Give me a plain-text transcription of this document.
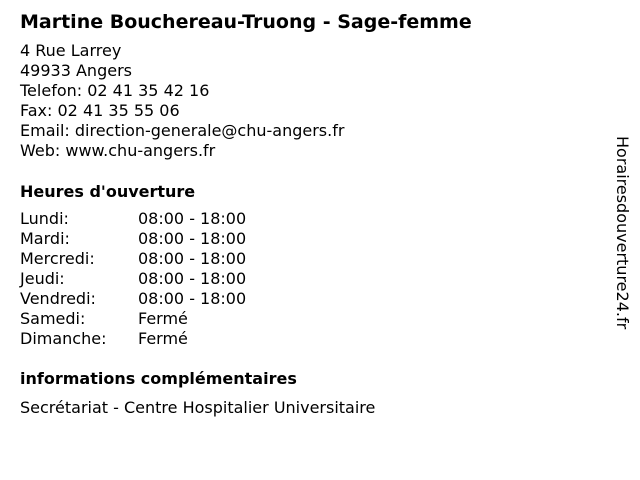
Martine Bouchereau-Truong - Sage-femme
4 Rue Larrey
49933 Angers
Telefon: 02 41 35 42 16
Fax: 02 41 35 55 06
Email: direction-generale@chu-angers.fr
Web: www.chu-angers.fr
Heures d'ouverture
Lundi:	08:00 - 18:00
Mardi:	08:00 - 18:00
Mercredi:	08:00 - 18:00
Jeudi:	08:00 - 18:00
Vendredi:	08:00 - 18:00
Samedi:	Fermé
Dimanche:	Fermé
informations complémentaires
Secrétariat - Centre Hospitalier Universitaire
Horairesdouverture24.fr
